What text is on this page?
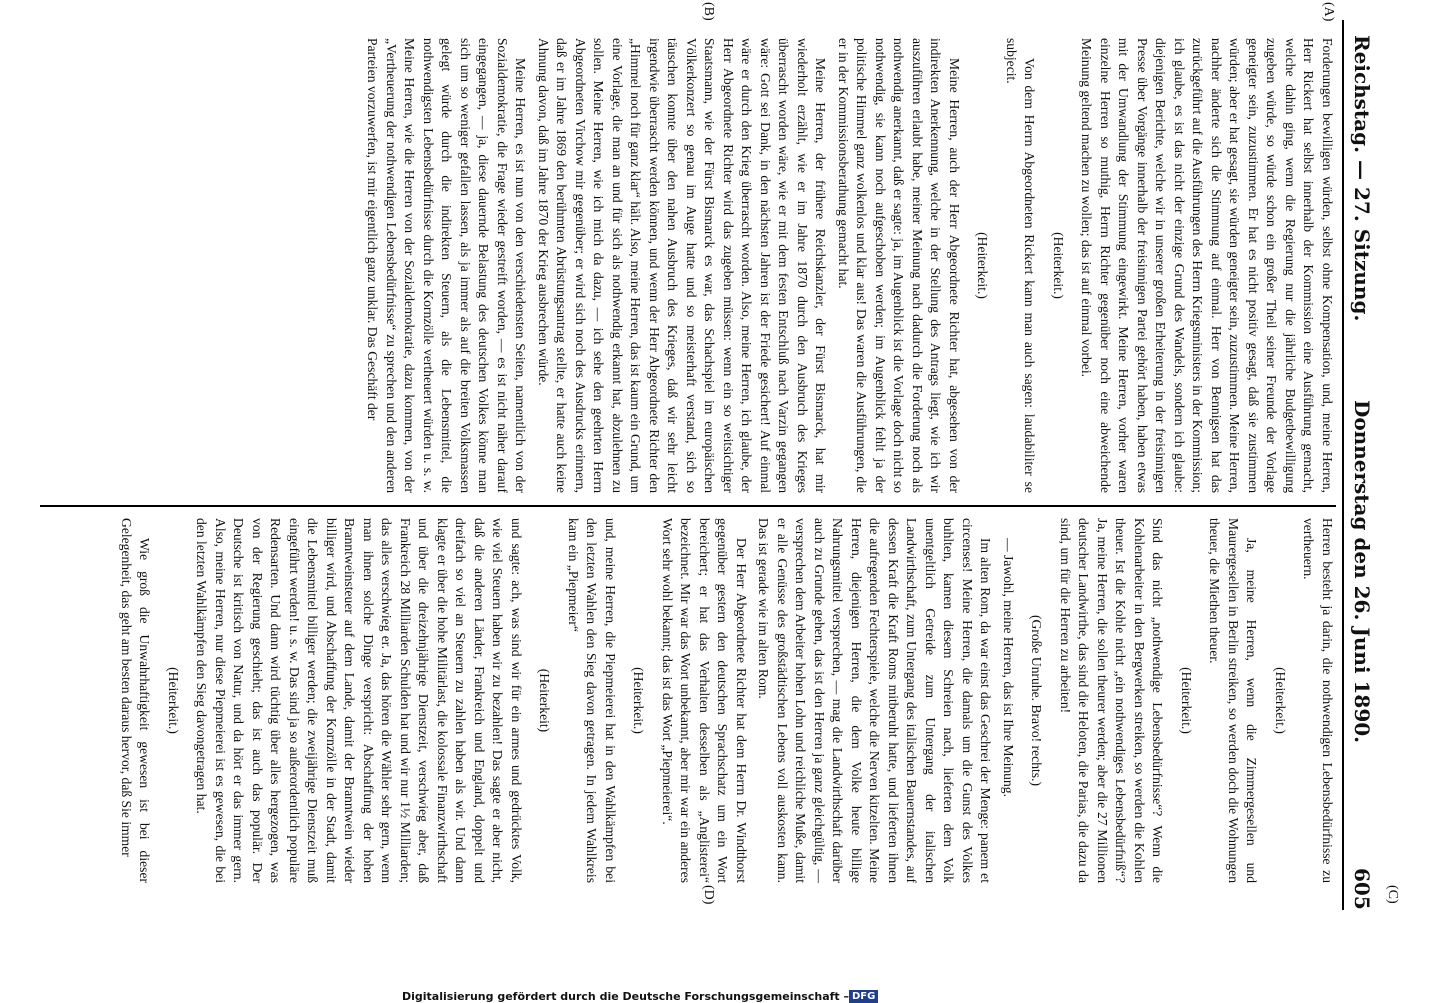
Reichstag. — 27. Sitzung.
Donnerstag den 26. Juni 1890.
605
(A)
(B)
(C)
(D)

Forderungen bewilligen würden, selbst ohne Kompensation, und, meine Herren, Herr Rickert hat selbst innerhalb der Kommission eine Ausführung gemacht, welche dahin ging, wenn die Regierung nur die jährliche Budgetbewilligung zugeben würde, so würde schon ein großer Theil seiner Freunde der Vorlage geneigter sein, zuzustimmen. Er hat es nicht positiv gesagt, daß sie zustimmen würden; aber er hat gesagt, sie würden geneigter sein, zuzustimmen. Meine Herren, nachher änderte sich die Stimmung auf einmal. Herr von Bennigsen hat das zurückgeführt auf die Ausführungen des Herrn Kriegsministers in der Kommission; ich glaube, es ist das nicht der einzige Grund des Wandels, sondern ich glaube: diejenigen Berichte, welche wir in unserer großen Erheiterung in der freisinnigen Presse über Vorgänge innerhalb der freisinnigen Partei gehört haben, haben etwas mit der Umwandlung der Stimmung eingewirkt. Meine Herren, vorher waren einzelne Herren so muthig, Herrn Richter gegenüber noch eine abweichende Meinung geltend machen zu wollen; das ist auf einmal vorbei.

(Heiterkeit.)

Von dem Herrn Abgeordneten Rickert kann man auch sagen: laudabiliter se subjecit.

(Heiterkeit.)

Meine Herren, auch der Herr Abgeordnete Richter hat, abgesehen von der indirekten Anerkennung, welche in der Stellung des Antrags liegt, wie ich wir auszuführen erlaubt habe, meiner Meinung nach dadurch die Forderung noch als nothwendig anerkannt, daß er sagte: ja, im Augenblick ist die Vorlage doch nicht so nothwendig, sie kann noch aufgeschoben werden; im Augenblick fehlt ja der politische Himmel ganz wolkenlos und klar aus! Das waren die Ausführungen, die er in der Kommissionsberathung gemacht hat.

Meine Herren, der frühere Reichskanzler, der Fürst Bismarck, hat mir wiederholt erzählt, wie er im Jahre 1870 durch den Ausbruch des Krieges überrascht worden wäre, wie er mit dem festen Entschluß nach Varzin gegangen wäre: Gott sei Dank, in den nächsten Jahren ist der Friede gesichert! Auf einmal wäre er durch den Krieg überrascht worden. Also, meine Herren, ich glaube, der Herr Abgeordnete Richter wird das zugeben müssen: wenn ein so weitsichtiger Staatsmann, wie der Fürst Bismarck es war, das Schachspiel im europäischen Völkerkonzert so genau im Auge hatte und so meisterhaft verstand, sich so täuschen konnte über den nahen Ausbruch des Krieges, daß wir sehr leicht irgendwie überrascht werden können, und wenn der Herr Abgeordnete Richter den „Himmel noch für ganz klar“ hält. Also, meine Herren, das ist kaum ein Grund, um eine Vorlage, die man an und für sich als nothwendig erkannt hat, abzulehnen zu sollen. Meine Herren, wie ich mich da dazu, — ich sehe den geehrten Herrn Abgeordneten Virchow mir gegenüber; er wird sich noch des Ausdrucks erinnern, daß er im Jahre 1869 den berühmten Abrüstungsantrag stellte, er hatte auch keine Ahnung davon, daß im Jahre 1870 der Krieg ausbrechen würde.

Meine Herren, es ist nun von den verschiedensten Seiten, namentlich von der Sozialdemokratie, die Frage wieder gestreift worden, — es ist nicht näher darauf eingegangen, — ja, diese dauernde Belastung des deutschen Volkes könne man sich um so weniger gefallen lassen, als ja immer als auf die breiten Volksmassen gelegt würde durch die indirekten Steuern, als die Lebensmittel, die nothwendigsten Lebensbedürfnisse durch die Kornzölle vertheuert würden u. s. w. Meine Herren, wie die Herren von der Sozialdemokratie, dazu kommen, von der „Vertheuerung der nothwendigen Lebensbedürfnisse“ zu sprechen und den anderen Parteien vorzuwerfen, ist mir eigentlich ganz unklar. Das Geschäft der

Herren besteht ja darin, die nothwendigen Lebensbedürfnisse zu vertheuern.

(Heiterkeit.)

Ja, meine Herren, wenn die Zimmergesellen und Maurergesellen in Berlin streiken, so werden doch die Wohnungen theuer, die Miethen theuer.

(Heiterkeit.)

Sind das nicht „nothwendige Lebensbedürfnisse“? Wenn die Kohlenarbeiter in den Bergwerken streiken, so werden die Kohlen theuer. Ist die Kohle nicht „ein nothwendiges Lebensbedürfniß“? Ja, meine Herren, die sollen theurer werden; aber die 27 Millionen deutscher Landwirthe, das sind die Heloten, die Parias, die dazu da sind, um für die Herren zu arbeiten!

(Große Unruhe. Bravo! rechts.)

— Jawohl, meine Herren, das ist Ihre Meinung.

Im alten Rom, da war einst das Geschrei der Menge: panem et circenses! Meine Herren, die damals um die Gunst des Volkes buhlten, kamen diesem Schreien nach, lieferten dem Volk unentgeltlich Getreide zum Untergang der italischen Landwirthschaft, zum Untergang des italischen Bauernstandes, auf dessen Kraft die Kraft Roms mitberuht hatte, und lieferten ihnen die aufregenden Fechterspiele, welche die Nerven kitzelten. Meine Herren, diejenigen Herren, die dem Volke heute billige Nahrungsmittel versprechen, — mag die Landwirthschaft darüber auch zu Grunde gehen, das ist den Herren ja ganz gleichgültig, — versprechen dem Arbeiter hohen Lohn und reichliche Muße, damit er alle Genüsse des großstädtischen Lebens voll auskosten kann. Das ist gerade wie im alten Rom.

Der Herr Abgeordnete Richter hat dem Herrn Dr. Windthorst gegenüber gestern den deutschen Sprachschatz um ein Wort bereichert; er hat das Verhalten desselben als „Anglisterei“ bezeichnet. Mir war das Wort unbekannt, aber mir war ein anderes Wort sehr wohl bekannt; das ist das Wort „Piepmeierei“.

(Heiterkeit.)

und, meine Herren, die Piepmeierei hat in den Wahlkämpfen bei den letzten Wahlen den Sieg davon getragen. In jedem Wahlkreis kam ein „Piepmeier“

(Heiterkeit)

und sagte: ach, was sind wir für ein armes und gedrücktes Volk, wie viel Steuern haben wir zu bezahlen! Das sagte er aber nicht, daß die anderen Länder, Frankreich und England, doppelt und dreifach so viel an Steuern zu zahlen haben als wir. Und dann klagte er über die hohe Militärlast, die kolossale Finanzwirthschaft und über die dreizehnjährige Dienstzeit, verschwieg aber, daß Frankreich 28 Milliarden Schulden hat und wir nur 1½ Milliarden; das alles verschwieg er. Ja, das hören die Wähler sehr gern, wenn man ihnen solche Dinge verspricht: Abschaffung der hohen Branntweinsteuer auf dem Lande, damit der Branntwein wieder billiger wird, und Abschaffung der Kornzölle in der Stadt, damit die Lebensmittel billiger werden; die zweijährige Dienstzeit muß eingeführt werden! u. s. w. Das sind ja so außerordentlich populäre Redensarten. Und dann wird tüchtig über alles hergezogen, was von der Regierung geschieht; das ist auch das populär. Der Deutsche ist kritisch von Natur, und da hört er das immer gern. Also, meine Herren, nur diese Piepmeierei ist es gewesen, die bei den letzten Wahlkämpfen den Sieg davongetragen hat.

(Heiterkeit.)

Wie groß die Unwahrhaftigkeit gewesen ist bei dieser Gelegenheit, das geht am besten daraus hervor, daß Sie immer

Digitalisierung gefördert durch die Deutsche Forschungsgemeinschaft – DFG
